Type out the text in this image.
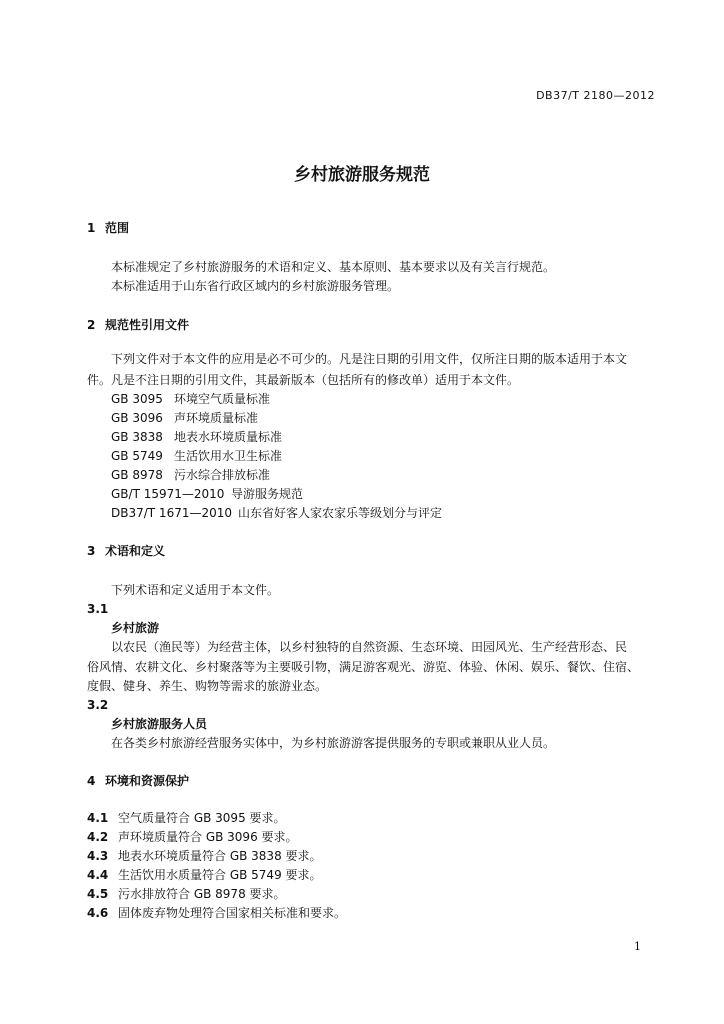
DB37/T 2180—2012
乡村旅游服务规范
1 范围
本标准规定了乡村旅游服务的术语和定义、基本原则、基本要求以及有关言行规范。
本标准适用于山东省行政区域内的乡村旅游服务管理。
2 规范性引用文件
下列文件对于本文件的应用是必不可少的。凡是注日期的引用文件，仅所注日期的版本适用于本文
件。凡是不注日期的引用文件，其最新版本（包括所有的修改单）适用于本文件。
GB 3095 环境空气质量标准
GB 3096 声环境质量标准
GB 3838 地表水环境质量标准
GB 5749 生活饮用水卫生标准
GB 8978 污水综合排放标准
GB/T 15971—2010 导游服务规范
DB37/T 1671—2010 山东省好客人家农家乐等级划分与评定
3 术语和定义
下列术语和定义适用于本文件。
3.1
乡村旅游
以农民（渔民等）为经营主体，以乡村独特的自然资源、生态环境、田园风光、生产经营形态、民
俗风情、农耕文化、乡村聚落等为主要吸引物，满足游客观光、游览、体验、休闲、娱乐、餐饮、住宿、
度假、健身、养生、购物等需求的旅游业态。
3.2
乡村旅游服务人员
在各类乡村旅游经营服务实体中，为乡村旅游游客提供服务的专职或兼职从业人员。
4 环境和资源保护
4.1 空气质量符合 GB 3095 要求。
4.2 声环境质量符合 GB 3096 要求。
4.3 地表水环境质量符合 GB 3838 要求。
4.4 生活饮用水质量符合 GB 5749 要求。
4.5 污水排放符合 GB 8978 要求。
4.6 固体废弃物处理符合国家相关标准和要求。
1
